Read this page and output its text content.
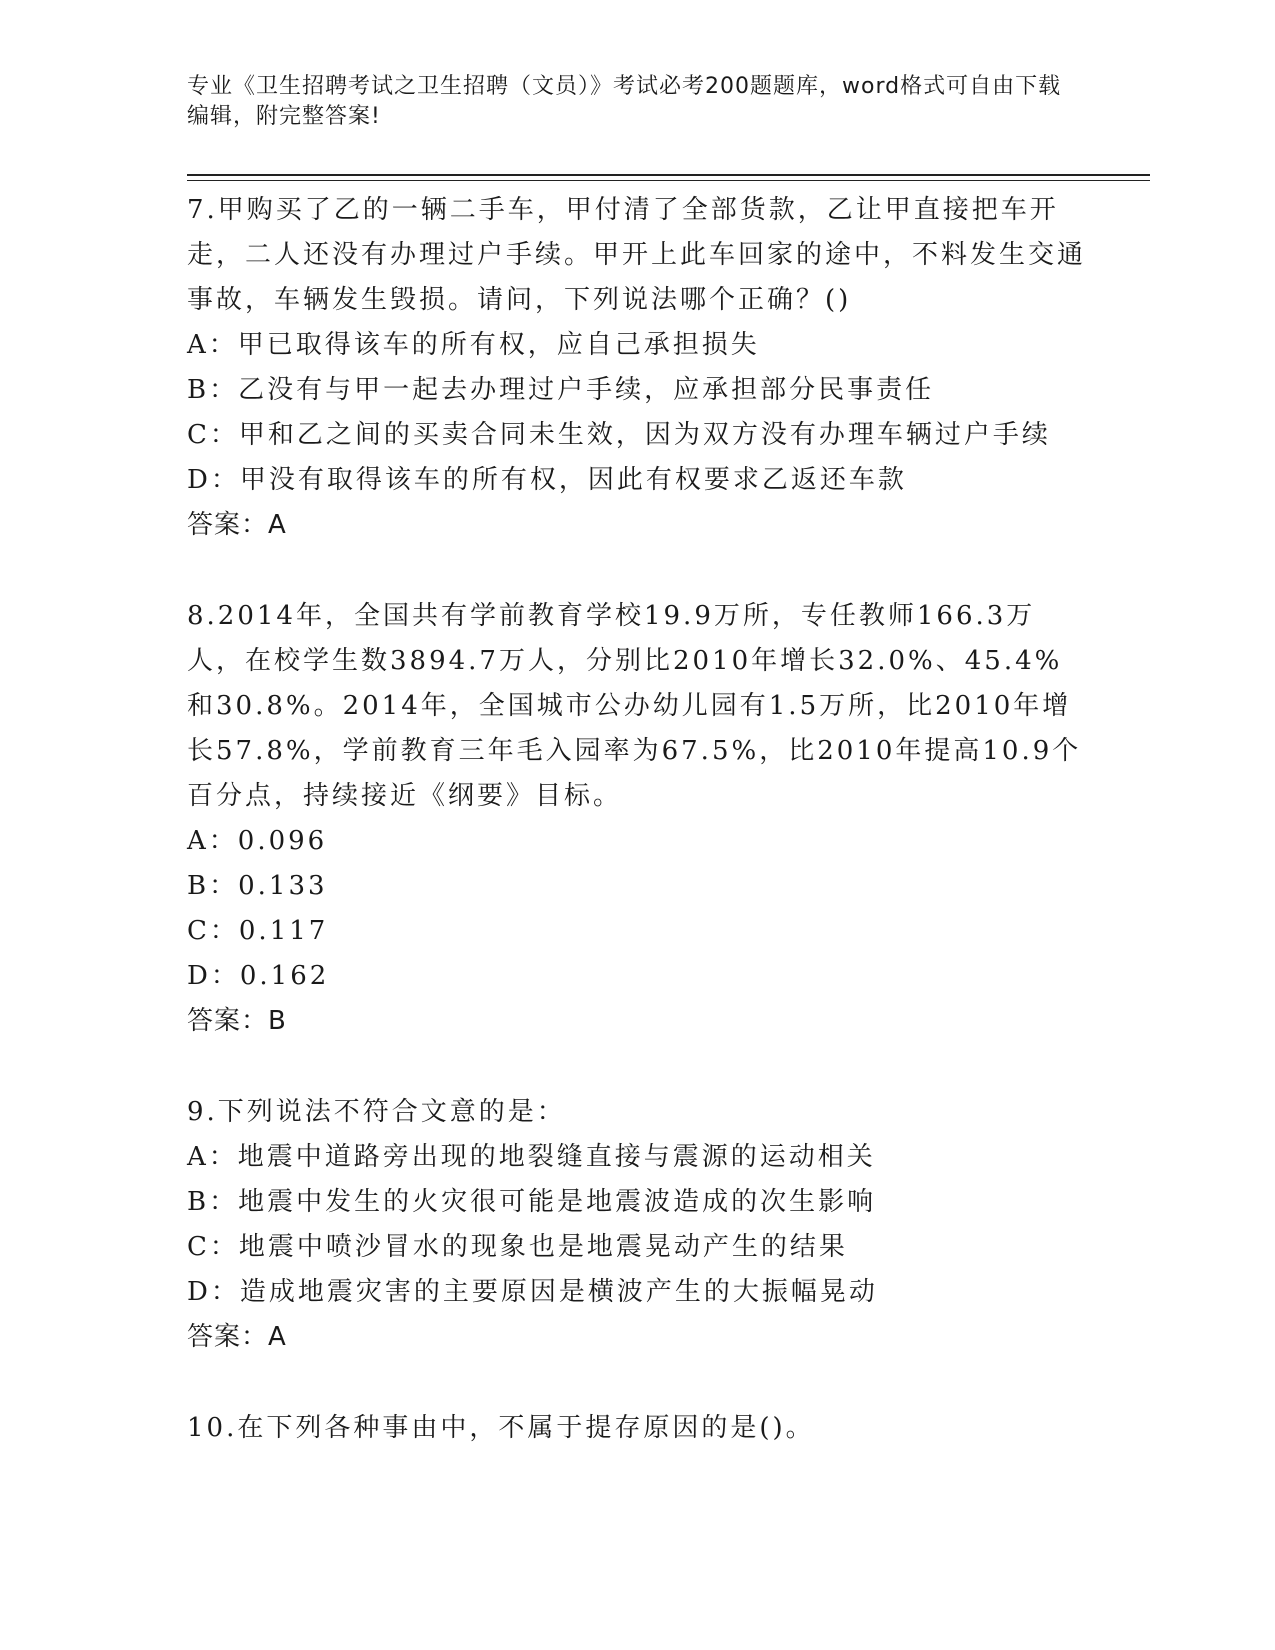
专业《卫生招聘考试之卫生招聘（文员）》考试必考200题题库，word格式可自由下载编辑，附完整答案!

7.甲购买了乙的一辆二手车，甲付清了全部货款，乙让甲直接把车开走，二人还没有办理过户手续。甲开上此车回家的途中，不料发生交通事故，车辆发生毁损。请问，下列说法哪个正确？()

A：甲已取得该车的所有权，应自己承担损失

B：乙没有与甲一起去办理过户手续，应承担部分民事责任

C：甲和乙之间的买卖合同未生效，因为双方没有办理车辆过户手续

D：甲没有取得该车的所有权，因此有权要求乙返还车款

答案：A

8.2014年，全国共有学前教育学校19.9万所，专任教师166.3万人，在校学生数3894.7万人，分别比2010年增长32.0%、45.4%和30.8%。2014年，全国城市公办幼儿园有1.5万所，比2010年增长57.8%，学前教育三年毛入园率为67.5%，比2010年提高10.9个百分点，持续接近《纲要》目标。

A：0.096

B：0.133

C：0.117

D：0.162

答案：B

9.下列说法不符合文意的是：

A：地震中道路旁出现的地裂缝直接与震源的运动相关

B：地震中发生的火灾很可能是地震波造成的次生影响

C：地震中喷沙冒水的现象也是地震晃动产生的结果

D：造成地震灾害的主要原因是横波产生的大振幅晃动

答案：A

10.在下列各种事由中，不属于提存原因的是()。
